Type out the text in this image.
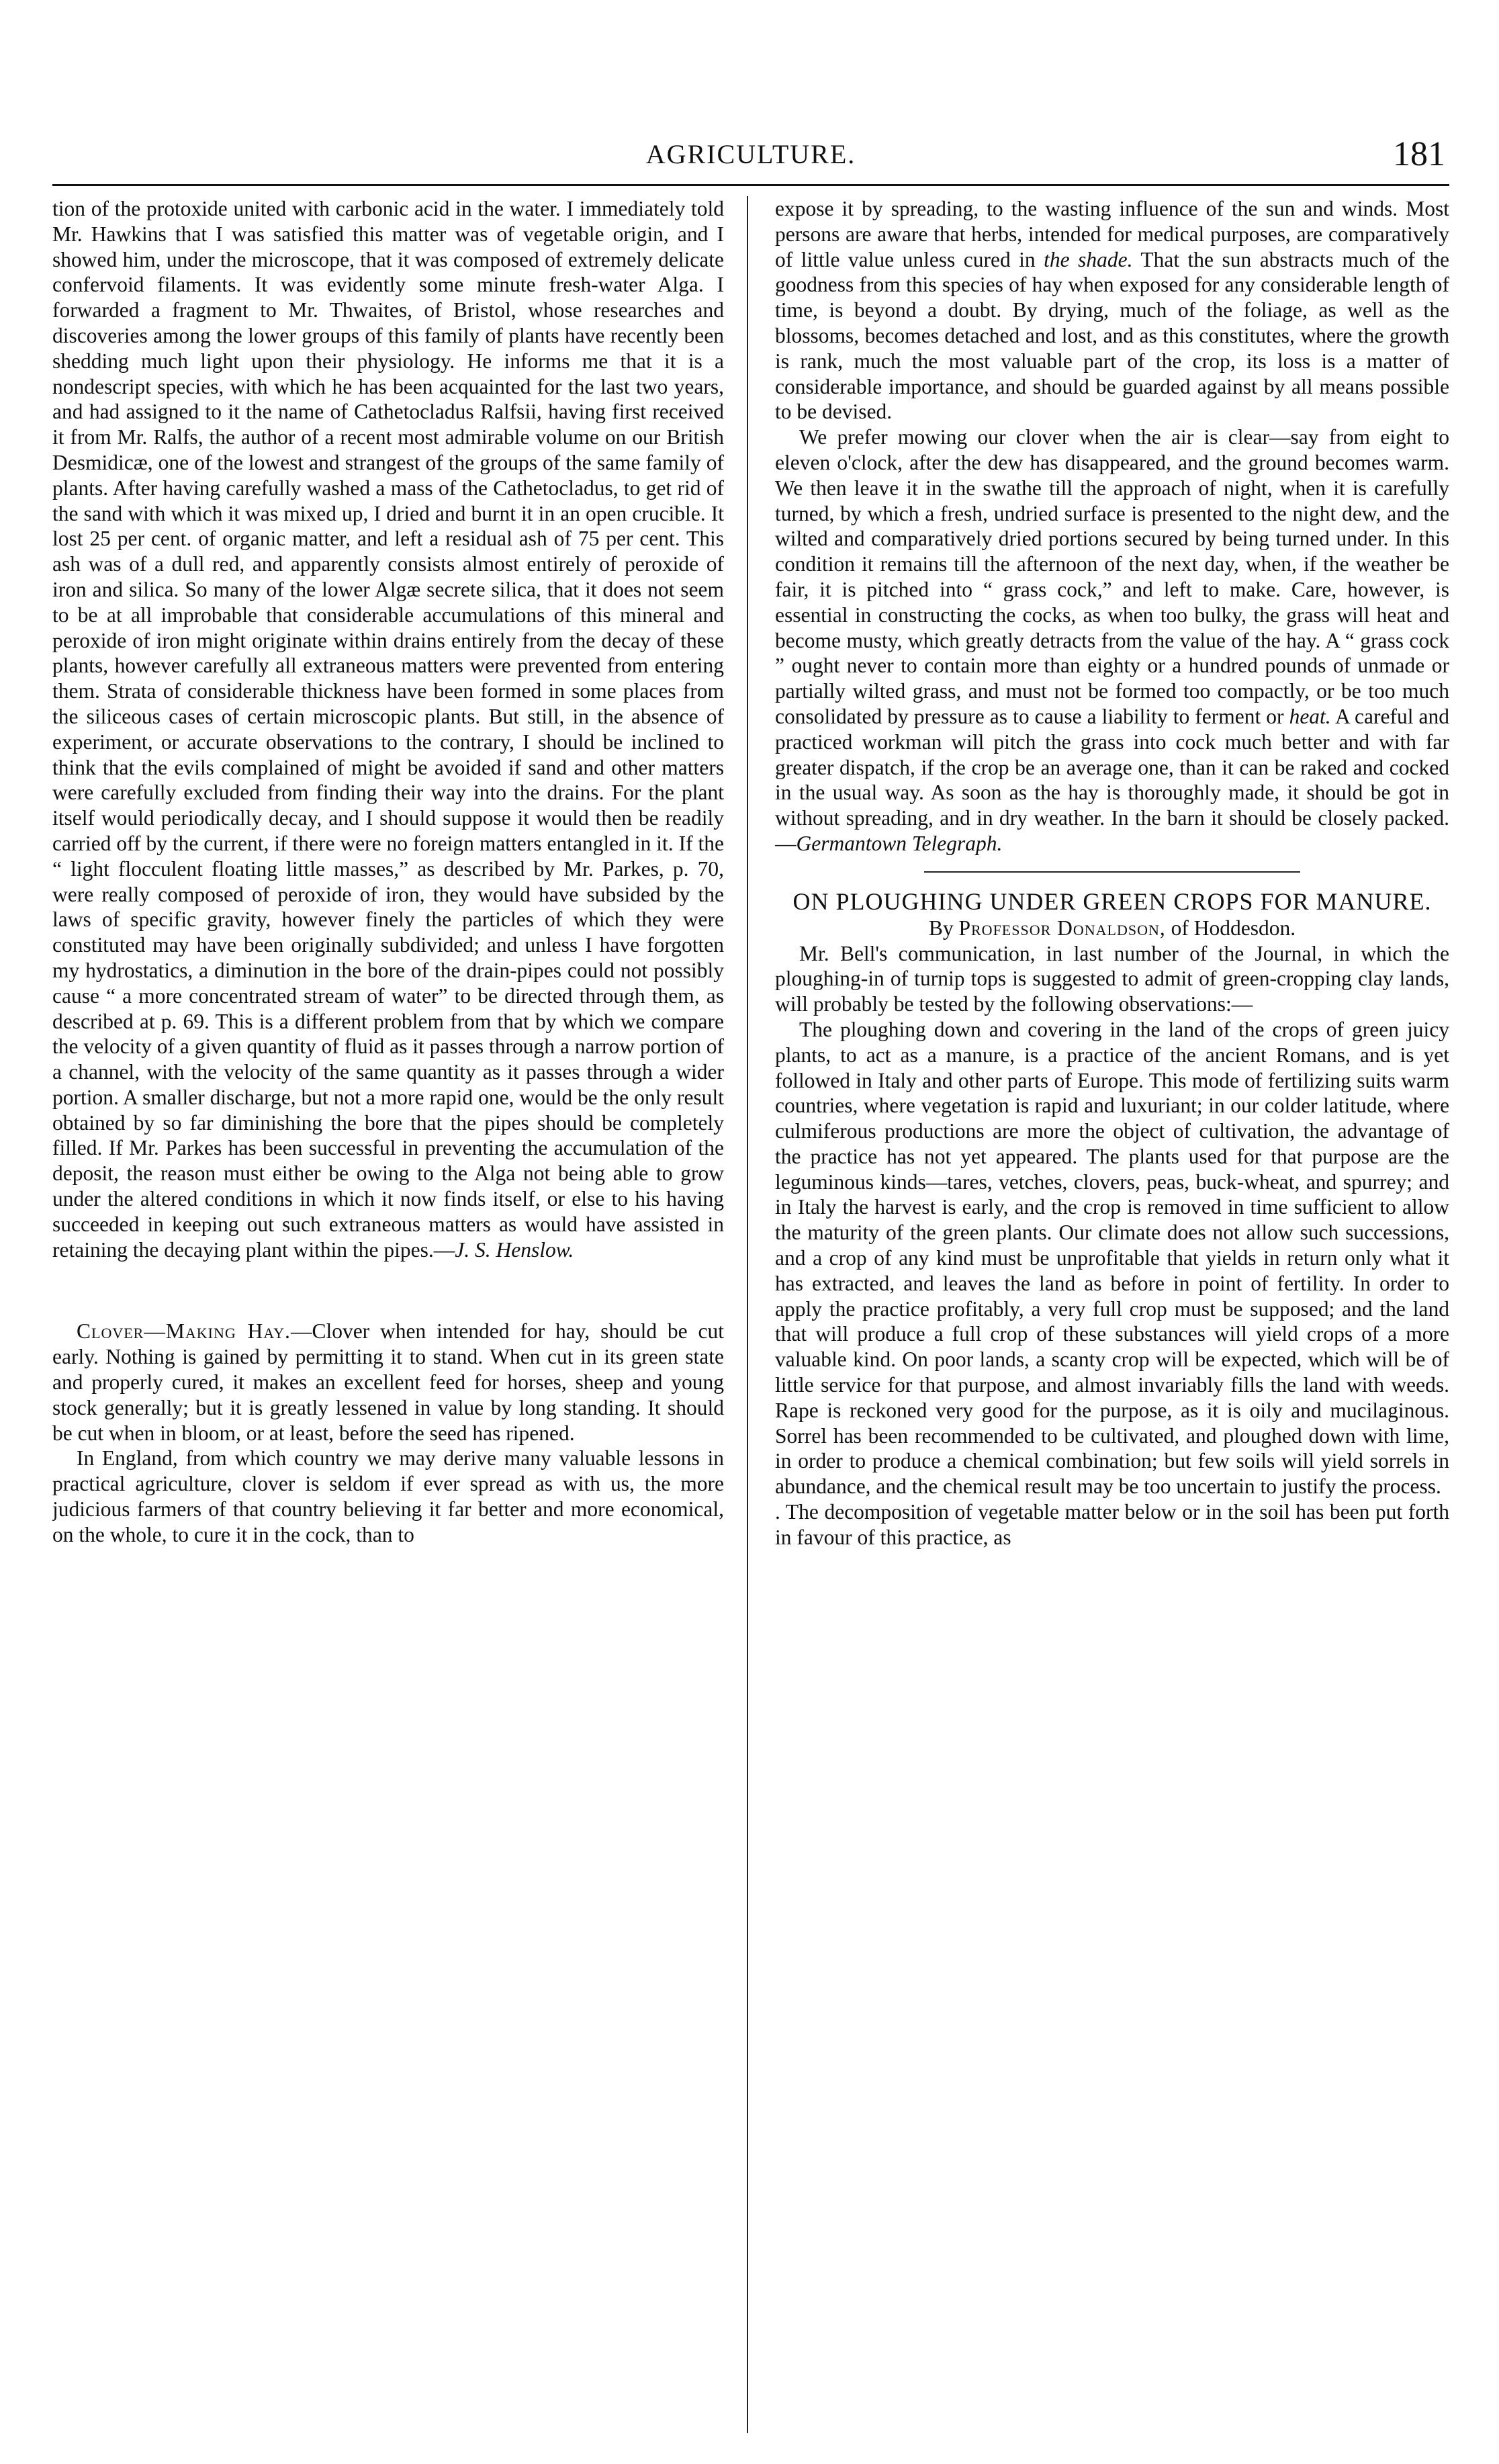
AGRICULTURE.	181

tion of the protoxide united with carbonic acid in the water. I immediately told Mr. Hawkins that I was satisfied this matter was of vegetable origin, and I showed him, under the microscope, that it was composed of extremely delicate confervoid filaments. It was evidently some minute fresh-water Alga. I forwarded a fragment to Mr. Thwaites, of Bristol, whose researches and discoveries among the lower groups of this family of plants have recently been shedding much light upon their physiology. He informs me that it is a nondescript species, with which he has been acquainted for the last two years, and had assigned to it the name of Cathetocladus Ralfsii, having first received it from Mr. Ralfs, the author of a recent most admirable volume on our British Desmidicæ, one of the lowest and strangest of the groups of the same family of plants. After having carefully washed a mass of the Cathetocladus, to get rid of the sand with which it was mixed up, I dried and burnt it in an open crucible. It lost 25 per cent. of organic matter, and left a residual ash of 75 per cent. This ash was of a dull red, and apparently consists almost entirely of peroxide of iron and silica. So many of the lower Algæ secrete silica, that it does not seem to be at all improbable that considerable accumulations of this mineral and peroxide of iron might originate within drains entirely from the decay of these plants, however carefully all extraneous matters were prevented from entering them. Strata of considerable thickness have been formed in some places from the siliceous cases of certain microscopic plants. But still, in the absence of experiment, or accurate observations to the contrary, I should be inclined to think that the evils complained of might be avoided if sand and other matters were carefully excluded from finding their way into the drains. For the plant itself would periodically decay, and I should suppose it would then be readily carried off by the current, if there were no foreign matters entangled in it. If the “ light flocculent floating little masses,” as described by Mr. Parkes, p. 70, were really composed of peroxide of iron, they would have subsided by the laws of specific gravity, however finely the particles of which they were constituted may have been originally subdivided; and unless I have forgotten my hydrostatics, a diminution in the bore of the drain-pipes could not possibly cause “ a more concentrated stream of water” to be directed through them, as described at p. 69. This is a different problem from that by which we compare the velocity of a given quantity of fluid as it passes through a narrow portion of a channel, with the velocity of the same quantity as it passes through a wider portion. A smaller discharge, but not a more rapid one, would be the only result obtained by so far diminishing the bore that the pipes should be completely filled. If Mr. Parkes has been successful in preventing the accumulation of the deposit, the reason must either be owing to the Alga not being able to grow under the altered conditions in which it now finds itself, or else to his having succeeded in keeping out such extraneous matters as would have assisted in retaining the decaying plant within the pipes.—J. S. Henslow.

Clover—Making Hay.—Clover when intended for hay, should be cut early. Nothing is gained by permitting it to stand. When cut in its green state and properly cured, it makes an excellent feed for horses, sheep and young stock generally; but it is greatly lessened in value by long standing. It should be cut when in bloom, or at least, before the seed has ripened.

In England, from which country we may derive many valuable lessons in practical agriculture, clover is seldom if ever spread as with us, the more judicious farmers of that country believing it far better and more economical, on the whole, to cure it in the cock, than to

expose it by spreading, to the wasting influence of the sun and winds. Most persons are aware that herbs, intended for medical purposes, are comparatively of little value unless cured in the shade. That the sun abstracts much of the goodness from this species of hay when exposed for any considerable length of time, is beyond a doubt. By drying, much of the foliage, as well as the blossoms, becomes detached and lost, and as this constitutes, where the growth is rank, much the most valuable part of the crop, its loss is a matter of considerable importance, and should be guarded against by all means possible to be devised.

We prefer mowing our clover when the air is clear—say from eight to eleven o'clock, after the dew has disappeared, and the ground becomes warm. We then leave it in the swathe till the approach of night, when it is carefully turned, by which a fresh, undried surface is presented to the night dew, and the wilted and comparatively dried portions secured by being turned under. In this condition it remains till the afternoon of the next day, when, if the weather be fair, it is pitched into “ grass cock,” and left to make. Care, however, is essential in constructing the cocks, as when too bulky, the grass will heat and become musty, which greatly detracts from the value of the hay. A “ grass cock ” ought never to contain more than eighty or a hundred pounds of unmade or partially wilted grass, and must not be formed too compactly, or be too much consolidated by pressure as to cause a liability to ferment or heat. A careful and practiced workman will pitch the grass into cock much better and with far greater dispatch, if the crop be an average one, than it can be raked and cocked in the usual way. As soon as the hay is thoroughly made, it should be got in without spreading, and in dry weather. In the barn it should be closely packed.—Germantown Telegraph.

ON PLOUGHING UNDER GREEN CROPS FOR MANURE.

By Professor Donaldson, of Hoddesdon.

Mr. Bell's communication, in last number of the Journal, in which the ploughing-in of turnip tops is suggested to admit of green-cropping clay lands, will probably be tested by the following observations:—

The ploughing down and covering in the land of the crops of green juicy plants, to act as a manure, is a practice of the ancient Romans, and is yet followed in Italy and other parts of Europe. This mode of fertilizing suits warm countries, where vegetation is rapid and luxuriant; in our colder latitude, where culmiferous productions are more the object of cultivation, the advantage of the practice has not yet appeared. The plants used for that purpose are the leguminous kinds—tares, vetches, clovers, peas, buck-wheat, and spurrey; and in Italy the harvest is early, and the crop is removed in time sufficient to allow the maturity of the green plants. Our climate does not allow such successions, and a crop of any kind must be unprofitable that yields in return only what it has extracted, and leaves the land as before in point of fertility. In order to apply the practice profitably, a very full crop must be supposed; and the land that will produce a full crop of these substances will yield crops of a more valuable kind. On poor lands, a scanty crop will be expected, which will be of little service for that purpose, and almost invariably fills the land with weeds. Rape is reckoned very good for the purpose, as it is oily and mucilaginous. Sorrel has been recommended to be cultivated, and ploughed down with lime, in order to produce a chemical combination; but few soils will yield sorrels in abundance, and the chemical result may be too uncertain to justify the process.

. The decomposition of vegetable matter below or in the soil has been put forth in favour of this practice, as
